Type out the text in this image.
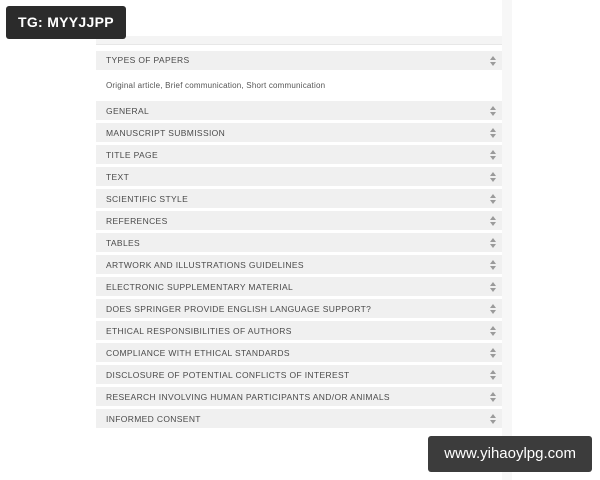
TYPES OF PAPERS
Original article, Brief communication, Short communication
GENERAL
MANUSCRIPT SUBMISSION
TITLE PAGE
TEXT
SCIENTIFIC STYLE
REFERENCES
TABLES
ARTWORK AND ILLUSTRATIONS GUIDELINES
ELECTRONIC SUPPLEMENTARY MATERIAL
DOES SPRINGER PROVIDE ENGLISH LANGUAGE SUPPORT?
ETHICAL RESPONSIBILITIES OF AUTHORS
COMPLIANCE WITH ETHICAL STANDARDS
DISCLOSURE OF POTENTIAL CONFLICTS OF INTEREST
RESEARCH INVOLVING HUMAN PARTICIPANTS AND/OR ANIMALS
INFORMED CONSENT
TG: MYYJJPP
www.yihaoylpg.com
